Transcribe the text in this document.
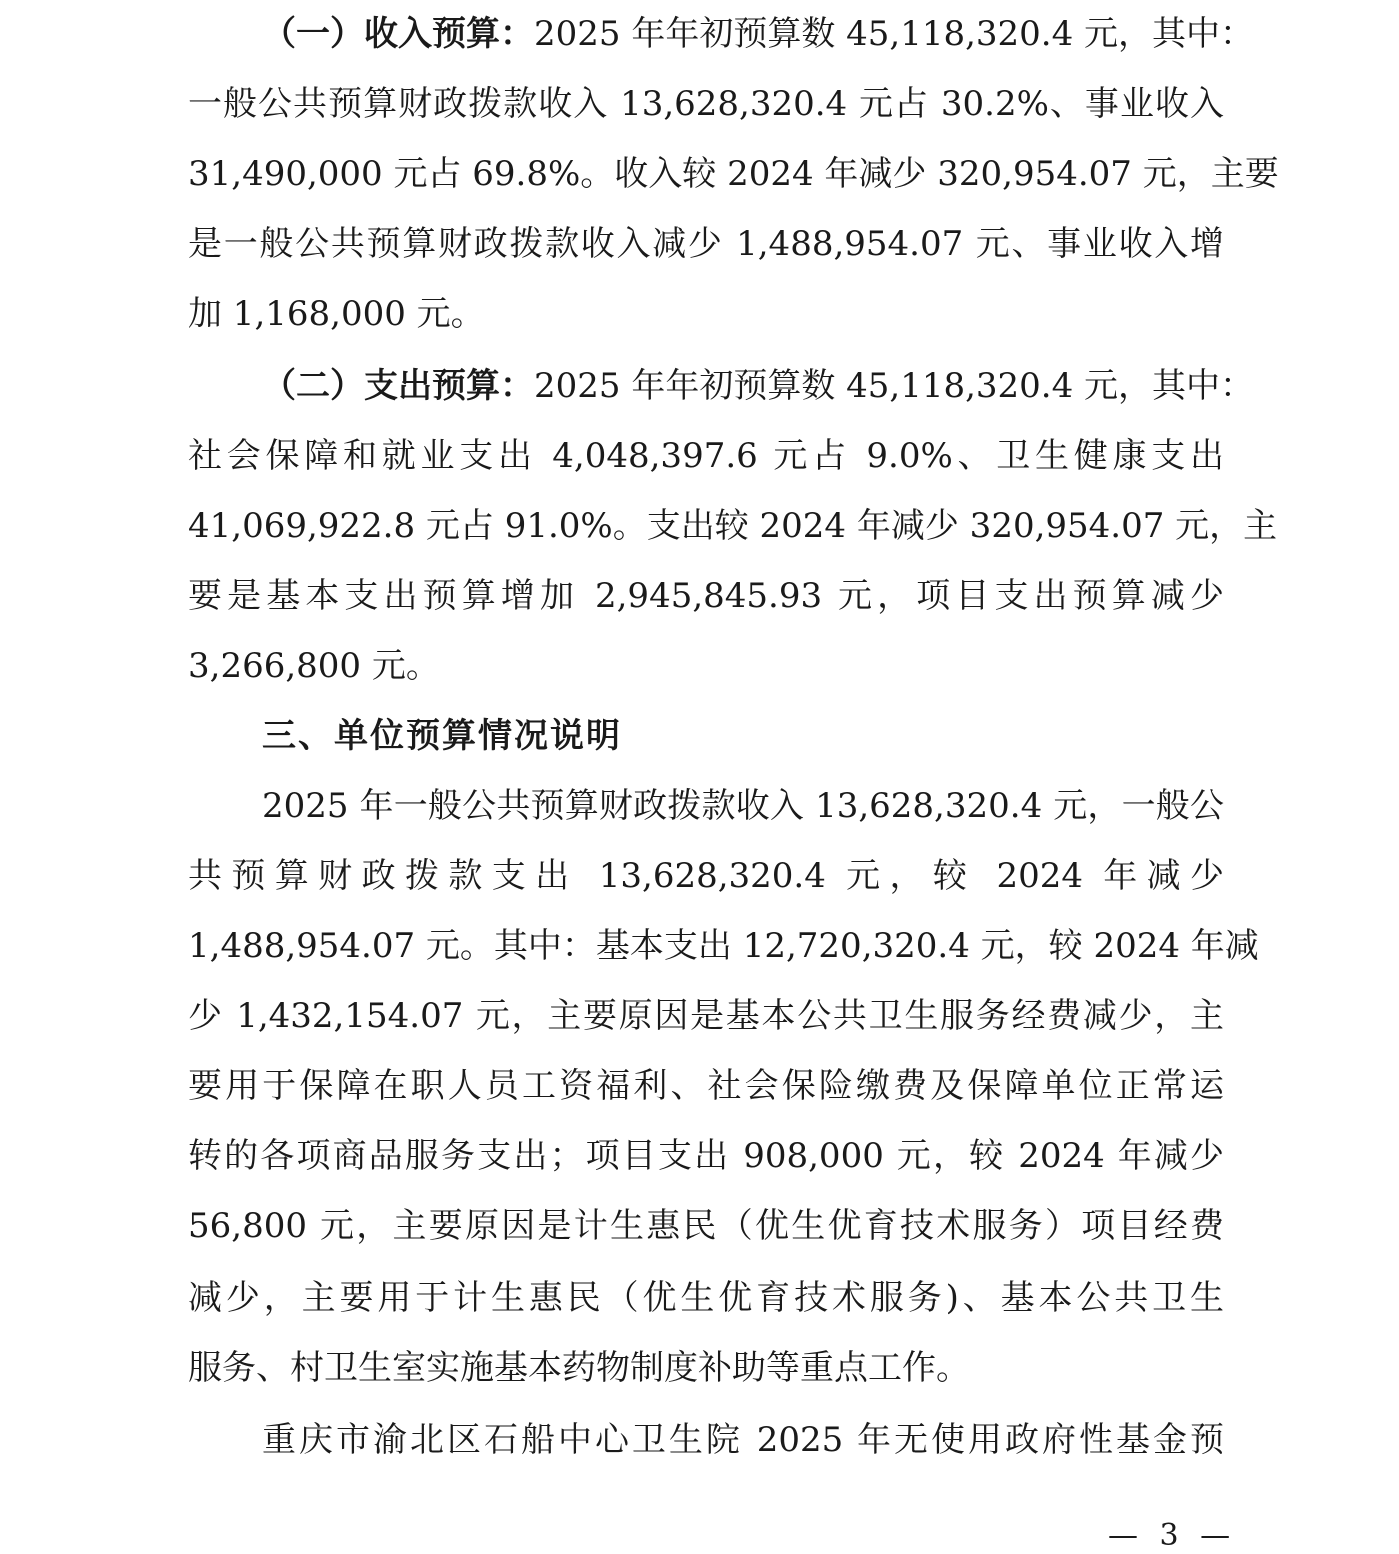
（一）收入预算：2025 年年初预算数 45,118,320.4 元，其中：
一般公共预算财政拨款收入 13,628,320.4 元占 30.2%、事业收入
31,490,000 元占 69.8%。收入较 2024 年减少 320,954.07 元，主要
是一般公共预算财政拨款收入减少 1,488,954.07 元、事业收入增
加 1,168,000 元。
（二）支出预算：2025 年年初预算数 45,118,320.4 元，其中：
社会保障和就业支出 4,048,397.6 元占 9.0%、卫生健康支出
41,069,922.8 元占 91.0%。支出较 2024 年减少 320,954.07 元，主
要是基本支出预算增加 2,945,845.93 元，项目支出预算减少
3,266,800 元。
三、单位预算情况说明
2025 年一般公共预算财政拨款收入 13,628,320.4 元，一般公
共预算财政拨款支出 13,628,320.4 元，较 2024 年减少
1,488,954.07 元。其中：基本支出 12,720,320.4 元，较 2024 年减
少 1,432,154.07 元，主要原因是基本公共卫生服务经费减少，主
要用于保障在职人员工资福利、社会保险缴费及保障单位正常运
转的各项商品服务支出；项目支出 908,000 元，较 2024 年减少
56,800 元，主要原因是计生惠民（优生优育技术服务）项目经费
减少，主要用于计生惠民（优生优育技术服务)、基本公共卫生
服务、村卫生室实施基本药物制度补助等重点工作。
重庆市渝北区石船中心卫生院 2025 年无使用政府性基金预
— 3 —
